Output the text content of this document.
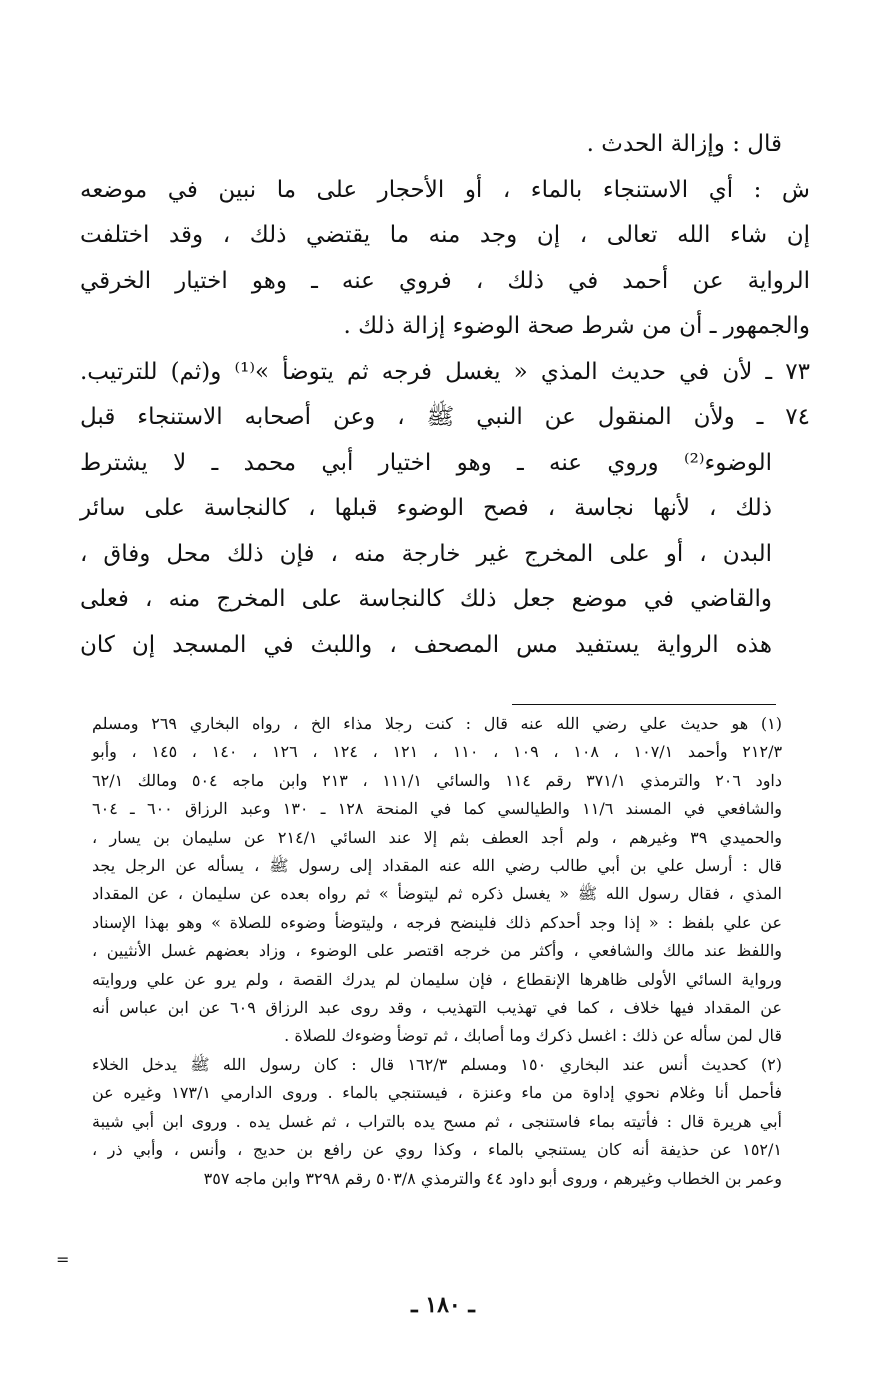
قال : وإزالة الحدث .
ش : أي الاستنجاء بالماء ، أو الأحجار على ما نبين في موضعه
إن شاء الله تعالى ، إن وجد منه ما يقتضي ذلك ، وقد اختلفت
الرواية عن أحمد في ذلك ، فروي عنه ـ وهو اختيار الخرقي
والجمهور ـ أن من شرط صحة الوضوء إزالة ذلك .
٧٣ ـ لأن في حديث المذي « يغسل فرجه ثم يتوضأ »⁽¹⁾ و(ثم) للترتيب.
٧٤ ـ ولأن المنقول عن النبي ﷺ ، وعن أصحابه الاستنجاء قبل
الوضوء⁽²⁾ وروي عنه ـ وهو اختيار أبي محمد ـ لا يشترط
ذلك ، لأنها نجاسة ، فصح الوضوء قبلها ، كالنجاسة على سائر
البدن ، أو على المخرج غير خارجة منه ، فإن ذلك محل وفاق ،
والقاضي في موضع جعل ذلك كالنجاسة على المخرج منه ، فعلى
هذه الرواية يستفيد مس المصحف ، واللبث في المسجد إن كان
(١) هو حديث علي رضي الله عنه قال : كنت رجلا مذاء الخ ، رواه البخاري ٢٦٩ ومسلم
٢١٢/٣ وأحمد ١٠٧/١ ، ١٠٨ ، ١٠٩ ، ١١٠ ، ١٢١ ، ١٢٤ ، ١٢٦ ، ١٤٠ ، ١٤٥ ، وأبو
داود ٢٠٦ والترمذي ٣٧١/١ رقم ١١٤ والسائي ١١١/١ ، ٢١٣ وابن ماجه ٥٠٤ ومالك ٦٢/١
والشافعي في المسند ١١/٦ والطيالسي كما في المنحة ١٢٨ ـ ١٣٠ وعبد الرزاق ٦٠٠ ـ ٦٠٤
والحميدي ٣٩ وغيرهم ، ولم أجد العطف بثم إلا عند السائي ٢١٤/١ عن سليمان بن يسار ،
قال : أرسل علي بن أبي طالب رضي الله عنه المقداد إلى رسول ﷺ ، يسأله عن الرجل يجد
المذي ، فقال رسول الله ﷺ « يغسل ذكره ثم ليتوضأ » ثم رواه بعده عن سليمان ، عن المقداد
عن علي بلفظ : « إذا وجد أحدكم ذلك فلينضح فرجه ، وليتوضأ وضوءه للصلاة » وهو بهذا الإسناد
واللفظ عند مالك والشافعي ، وأكثر من خرجه اقتصر على الوضوء ، وزاد بعضهم غسل الأنثيين ،
ورواية السائي الأولى ظاهرها الإنقطاع ، فإن سليمان لم يدرك القصة ، ولم يرو عن علي وروايته
عن المقداد فيها خلاف ، كما في تهذيب التهذيب ، وقد روى عبد الرزاق ٦٠٩ عن ابن عباس أنه
قال لمن سأله عن ذلك : اغسل ذكرك وما أصابك ، ثم توضأ وضوءك للصلاة .
(٢) كحديث أنس عند البخاري ١٥٠ ومسلم ١٦٢/٣ قال : كان رسول الله ﷺ يدخل الخلاء
فأحمل أنا وغلام نحوي إداوة من ماء وعنزة ، فيستنجي بالماء . وروى الدارمي ١٧٣/١ وغيره عن
أبي هريرة قال : فأتيته بماء فاستنجى ، ثم مسح يده بالتراب ، ثم غسل يده . وروى ابن أبي شيبة
١٥٢/١ عن حذيفة أنه كان يستنجي بالماء ، وكذا روي عن رافع بن حديج ، وأنس ، وأبي ذر ،
وعمر بن الخطاب وغيرهم ، وروى أبو داود ٤٤ والترمذي ٥٠٣/٨ رقم ٣٢٩٨ وابن ماجه ٣٥٧
=
ـ ١٨٠ ـ
